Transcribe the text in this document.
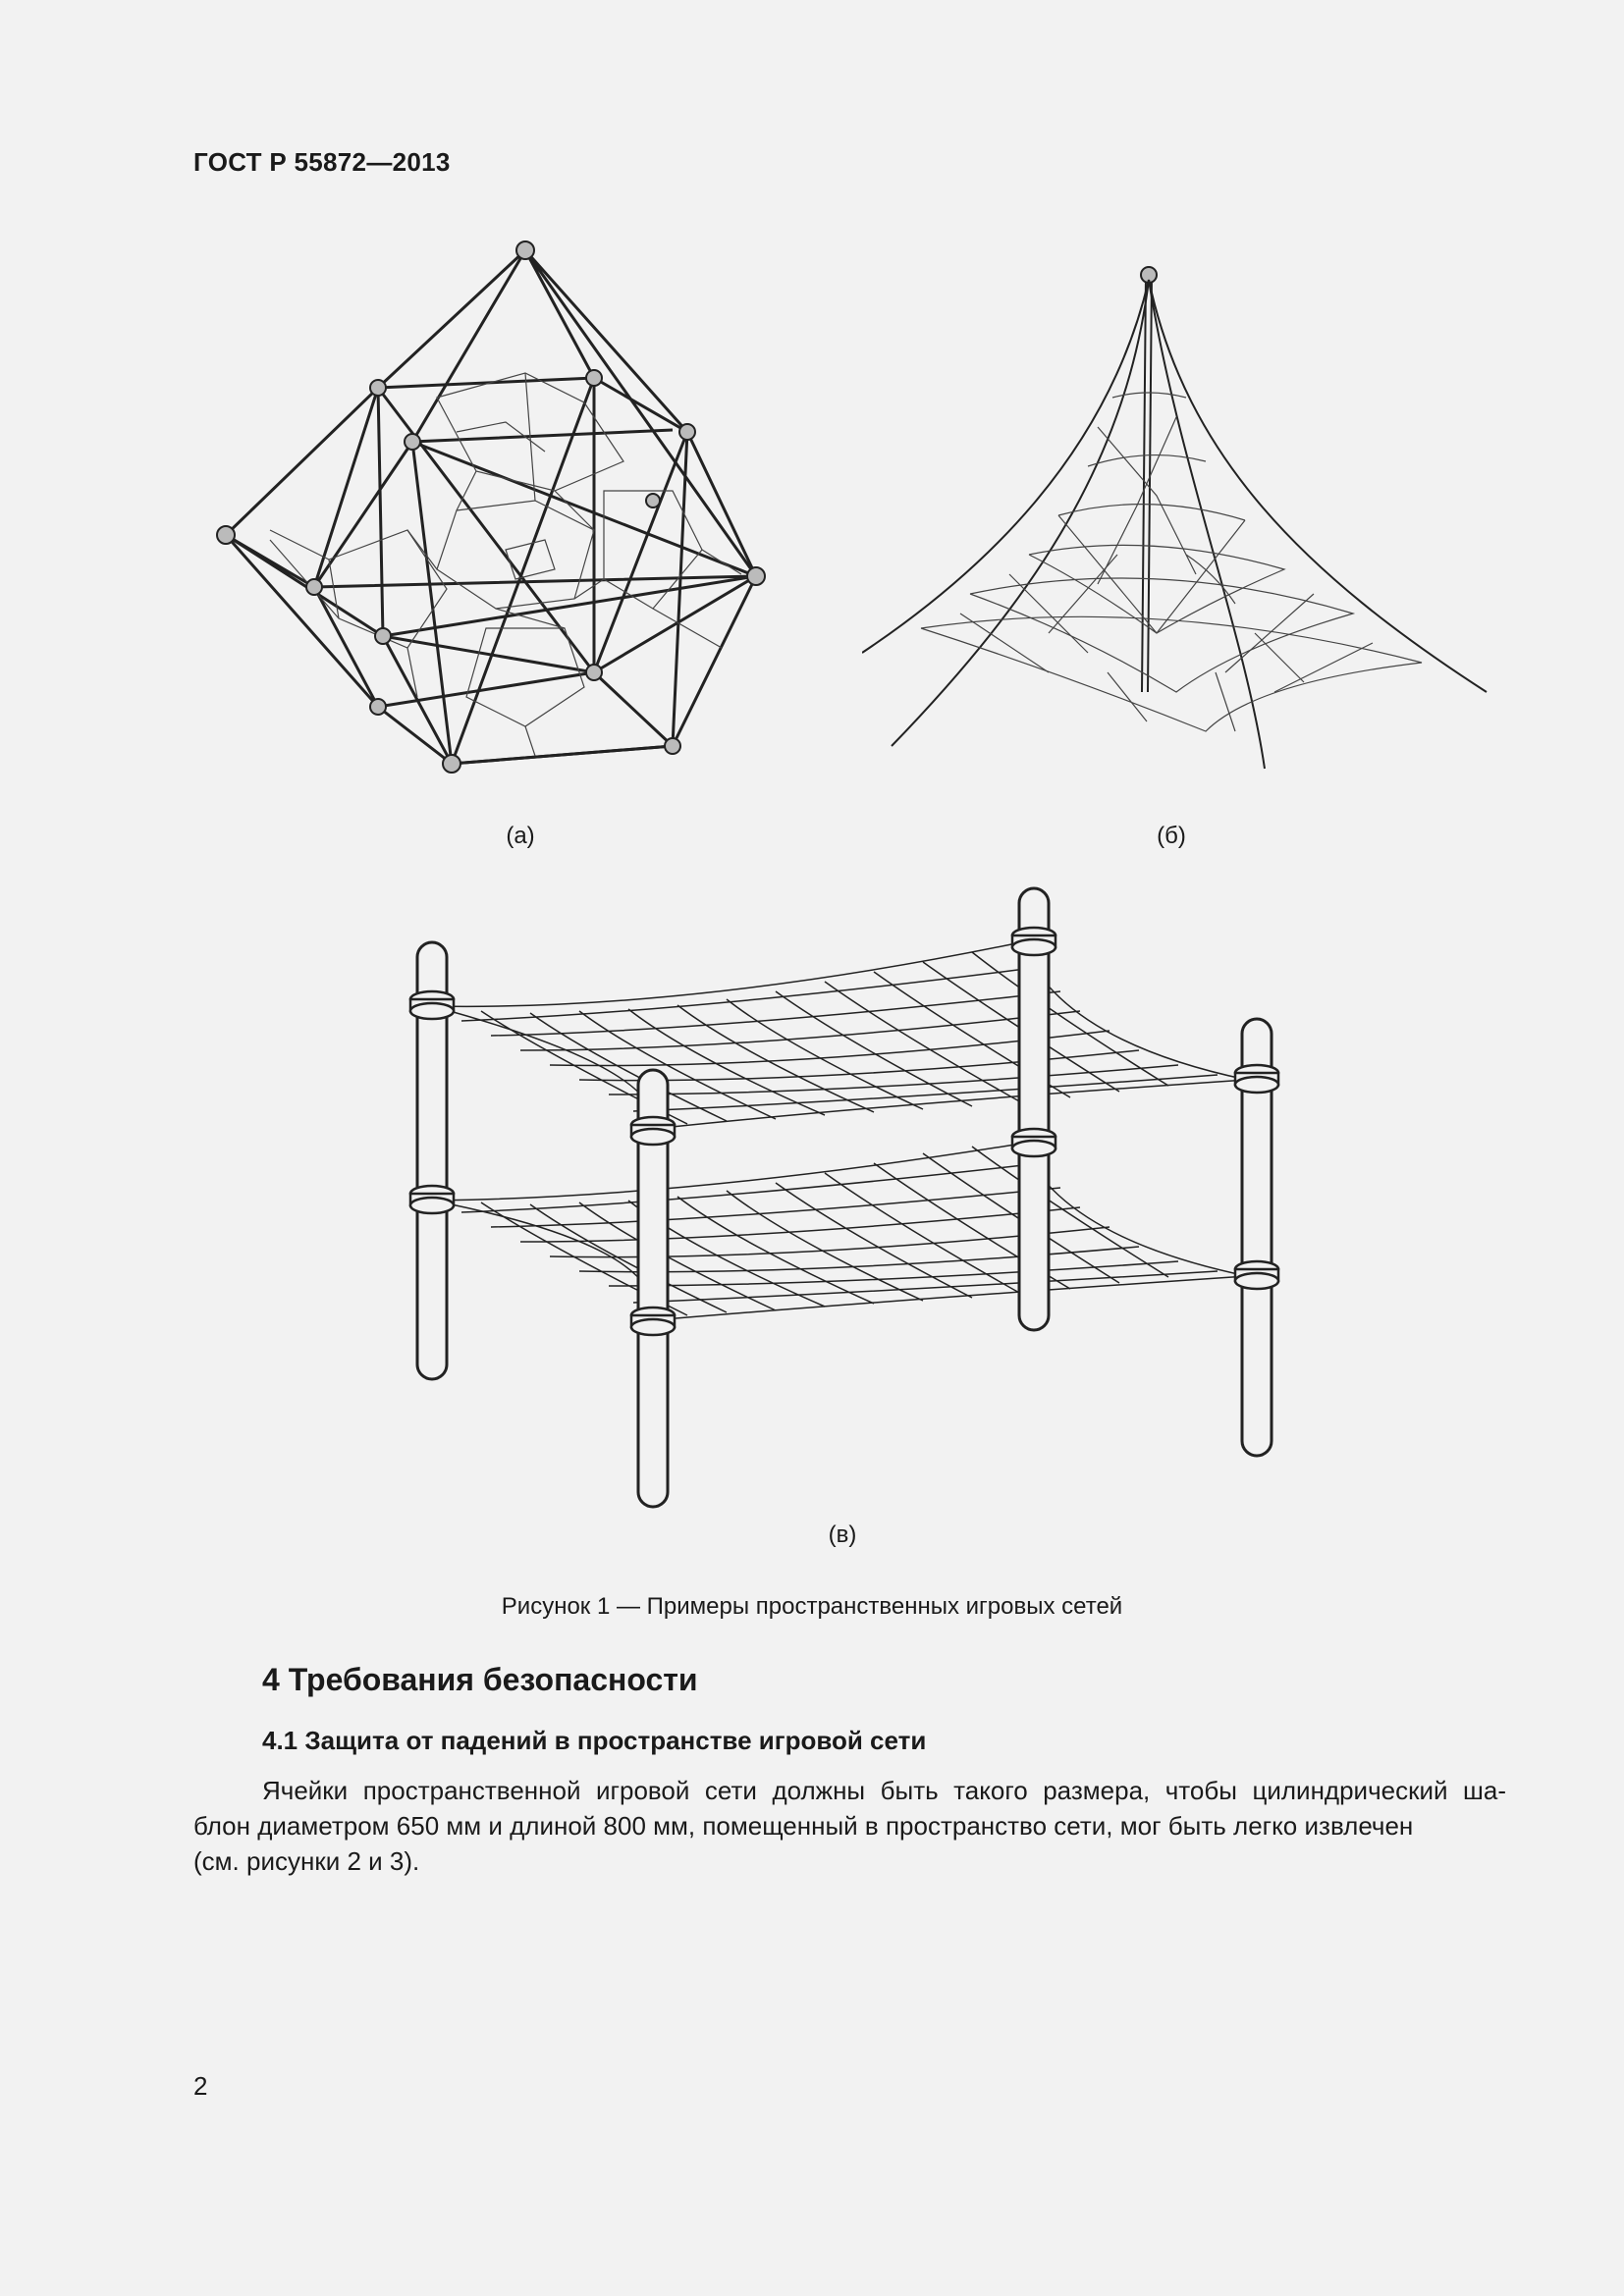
ГОСТ Р 55872—2013
(а)	(б)
(в)
Рисунок 1 — Примеры пространственных игровых сетей
4 Требования безопасности
4.1 Защита от падений в пространстве игровой сети
Ячейки пространственной игровой сети должны быть такого размера, чтобы цилиндрический ша-
блон диаметром 650 мм и длиной 800 мм, помещенный в пространство сети, мог быть легко извлечен
(см. рисунки 2 и 3).
2
